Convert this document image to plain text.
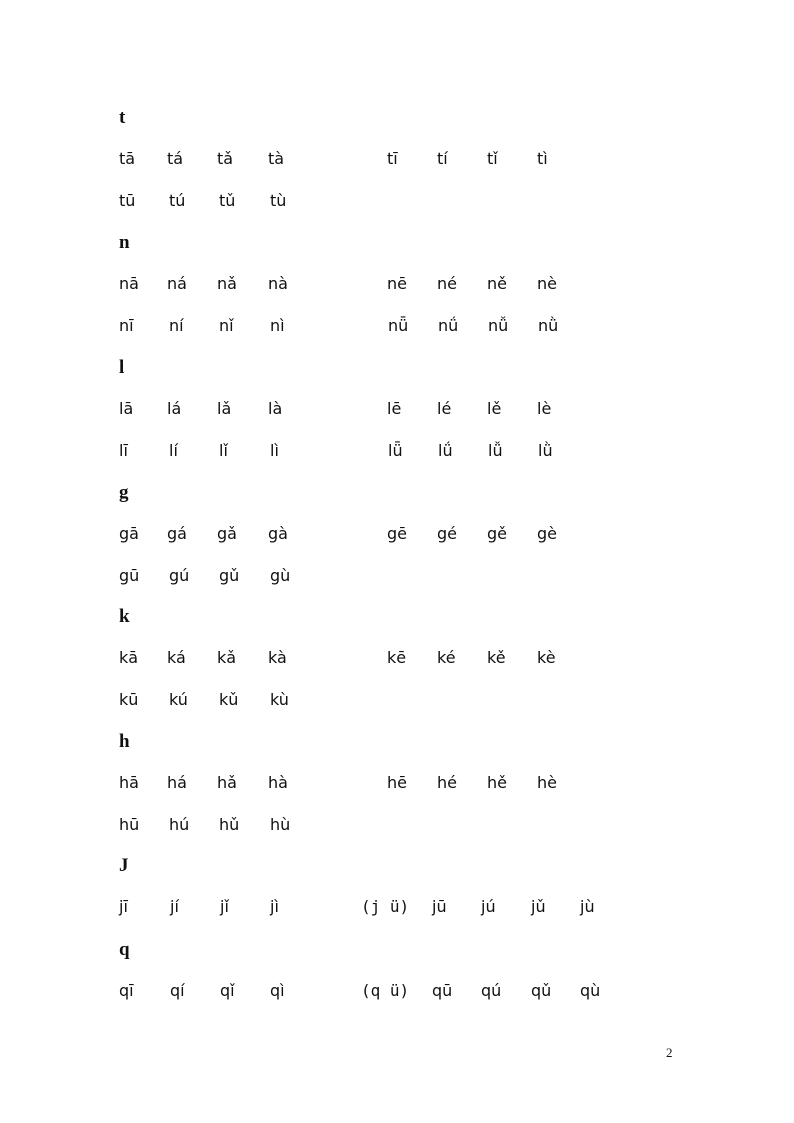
t
tā tá tǎ tà	tī tí tǐ tì
tū tú tǔ tù
n
nā ná nǎ nà	nē né ně nè
nī ní nǐ nì	nǖ nǘ nǚ nǜ
l
lā lá lǎ là	lē lé lě lè
lī	lí	lǐ	lì	lǖ lǘ lǚ lǜ
g
gā gá gǎ gà	gē gé gě gè
gū gú gǔ gù
k
kā ká kǎ kà	kē ké kě kè
kū kú kǔ kù
h
hā há hǎ hà	hē hé hě hè
hū hú hǔ hù
J
jī	jí	jǐ	jì	(j ü) jū jú jǔ jù
q
qī qí qǐ qì	(q ü) qū qú qǔ qù
2
